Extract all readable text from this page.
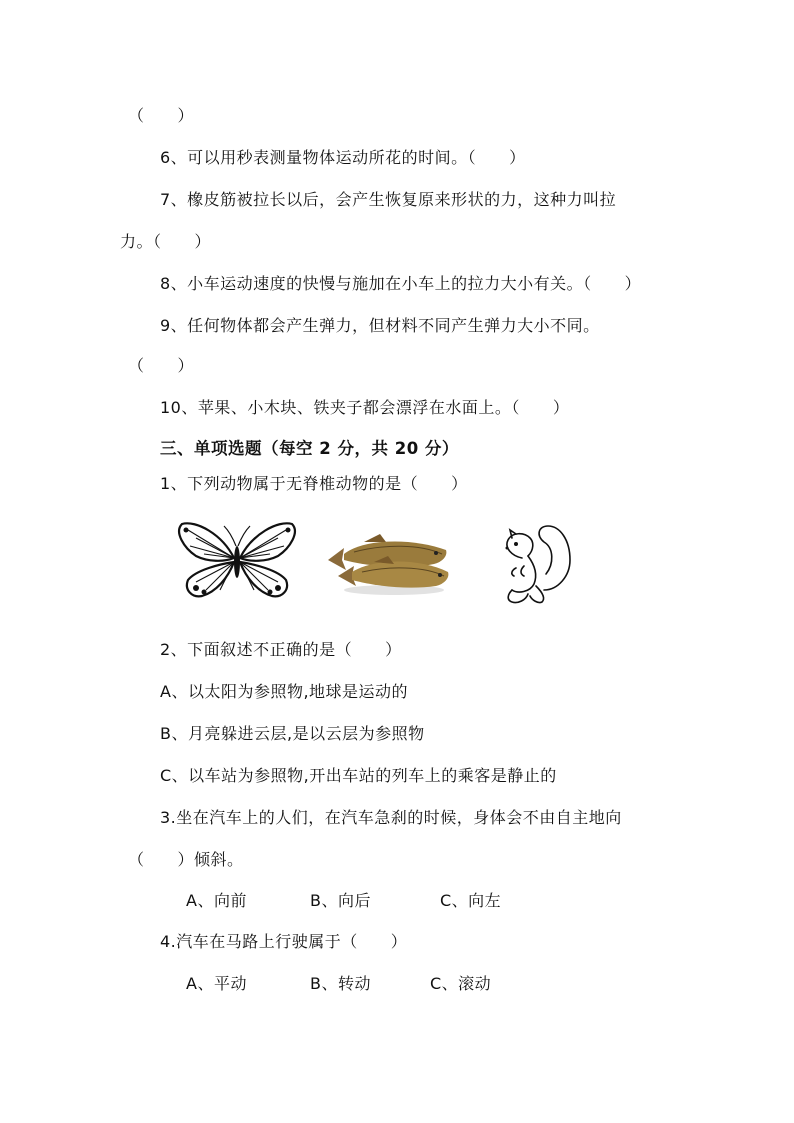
（　　）
6、可以用秒表测量物体运动所花的时间。（　　）
7、橡皮筋被拉长以后，会产生恢复原来形状的力，这种力叫拉
力。（　　）
8、小车运动速度的快慢与施加在小车上的拉力大小有关。（　　）
9、任何物体都会产生弹力，但材料不同产生弹力大小不同。
（　　）
10、苹果、小木块、铁夹子都会漂浮在水面上。（　　）
三、单项选题（每空 2 分，共 20 分）
1、下列动物属于无脊椎动物的是（　　）
2、下面叙述不正确的是（　　）
A、以太阳为参照物,地球是运动的
B、月亮躲进云层,是以云层为参照物
C、以车站为参照物,开出车站的列车上的乘客是静止的
3.坐在汽车上的人们，在汽车急刹的时候，身体会不由自主地向
（　　）倾斜。
A、向前	B、向后	C、向左
4.汽车在马路上行驶属于（　　）
A、平动	B、转动	C、滚动
